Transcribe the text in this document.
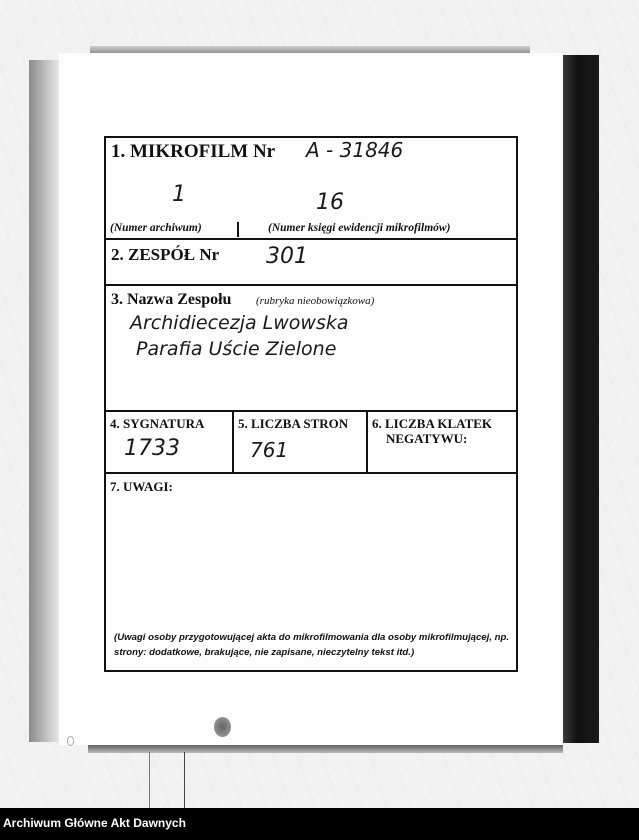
1. MIKROFILM Nr A - 31846
1	16
(Numer archiwum)	(Numer księgi ewidencji mikrofilmów)
2. ZESPÓŁ Nr 301
3. Nazwa Zespołu (rubryka nieobowiązkowa)
Archidiecezja Lwowska
Parafia Uście Zielone
4. SYGNATURA
1733
5. LICZBA STRON
761
6. LICZBA KLATEK
NEGATYWU:
7. UWAGI:
(Uwagi osoby przygotowującej akta do mikrofilmowania dla osoby mikrofilmującej, np. strony: dodatkowe, brakujące, nie zapisane, nieczytelny tekst itd.)
Archiwum Główne Akt Dawnych
